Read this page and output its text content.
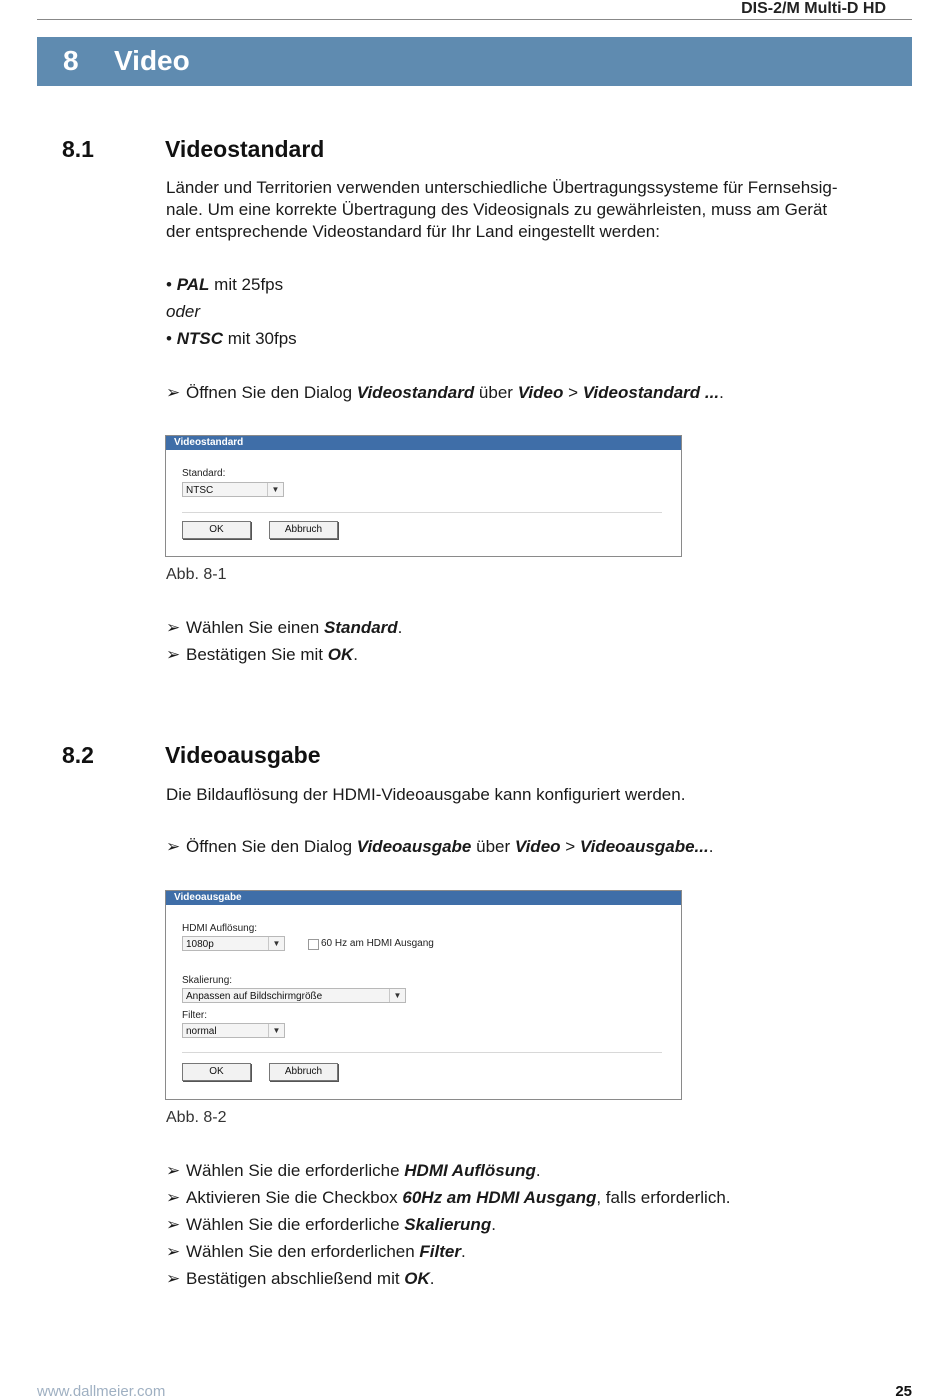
DIS-2/M Multi-D HD
8 Video
8.1	Videostandard
Länder und Territorien verwenden unterschiedliche Übertragungssysteme für Fernsehsig-
nale. Um eine korrekte Übertragung des Videosignals zu gewährleisten, muss am Gerät
der entsprechende Videostandard für Ihr Land eingestellt werden:
• PAL mit 25fps
oder
• NTSC mit 30fps
➢ Öffnen Sie den Dialog Videostandard über Video > Videostandard ....
Videostandard
Standard:
NTSC	▼
OK	Abbruch
Abb. 8-1
➢ Wählen Sie einen Standard.
➢ Bestätigen Sie mit OK.
8.2	Videoausgabe
Die Bildauflösung der HDMI-Videoausgabe kann konfiguriert werden.
➢ Öffnen Sie den Dialog Videoausgabe über Video > Videoausgabe....
Videoausgabe
HDMI Auflösung:
1080p	▼	60 Hz am HDMI Ausgang
Skalierung:
Anpassen auf Bildschirmgröße	▼
Filter:
normal	▼
OK	Abbruch
Abb. 8-2
➢ Wählen Sie die erforderliche HDMI Auflösung.
➢ Aktivieren Sie die Checkbox 60Hz am HDMI Ausgang, falls erforderlich.
➢ Wählen Sie die erforderliche Skalierung.
➢ Wählen Sie den erforderlichen Filter.
➢ Bestätigen abschließend mit OK.
www.dallmeier.com	25
